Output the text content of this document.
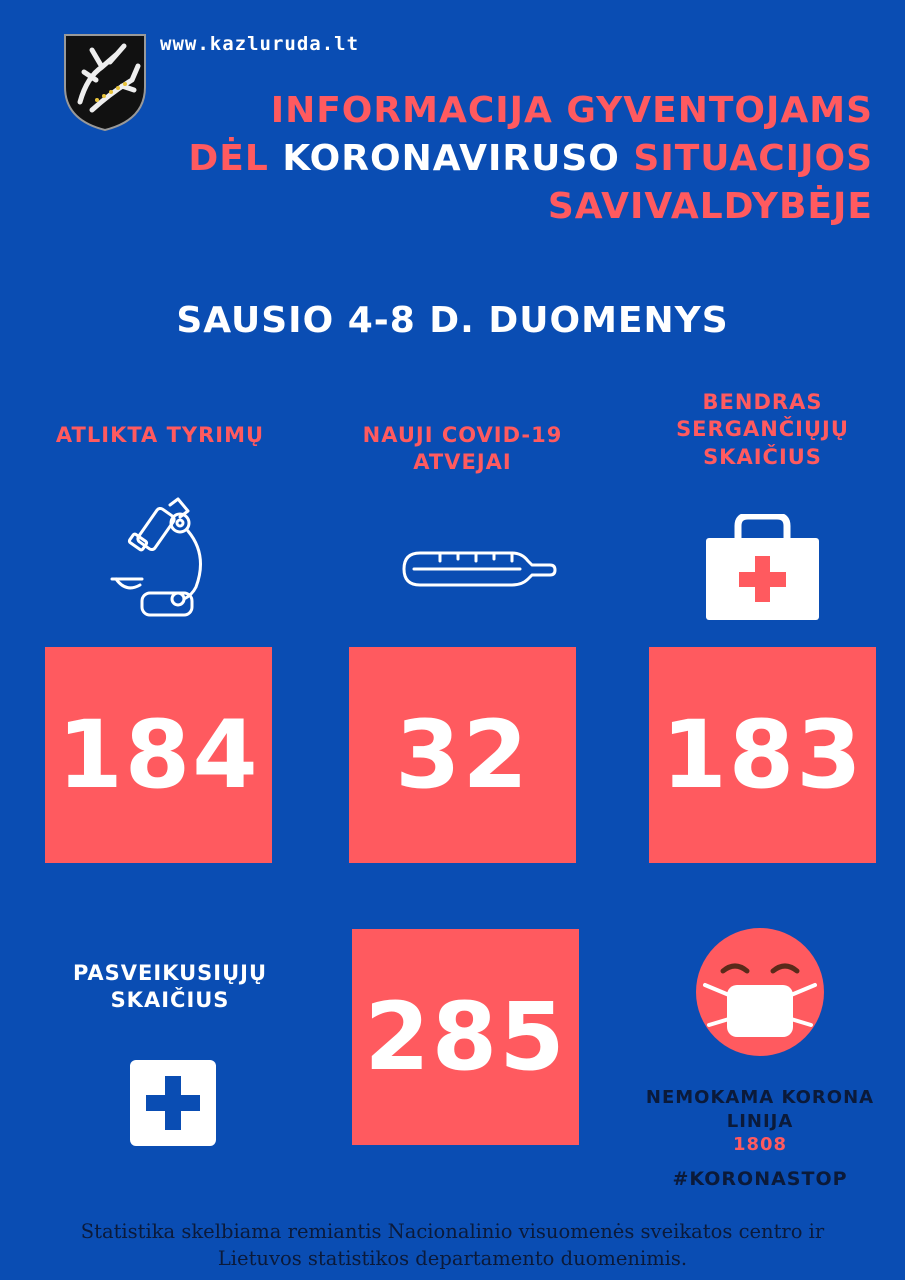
www.kazluruda.lt
INFORMACIJA GYVENTOJAMS
DĖL KORONAVIRUSO SITUACIJOS
SAVIVALDYBĖJE
SAUSIO 4-8 D. DUOMENYS
ATLIKTA TYRIMŲ	NAUJI COVID-19 ATVEJAI
BENDRAS SERGANČIŲJŲ SKAIČIUS
184 32 183
PASVEIKUSIŲJŲ SKAIČIUS	285
NEMOKAMA KORONA
LINIJA
1808
#KORONASTOP
Statistika skelbiama remiantis Nacionalinio visuomenės sveikatos centro ir
Lietuvos statistikos departamento duomenimis.
